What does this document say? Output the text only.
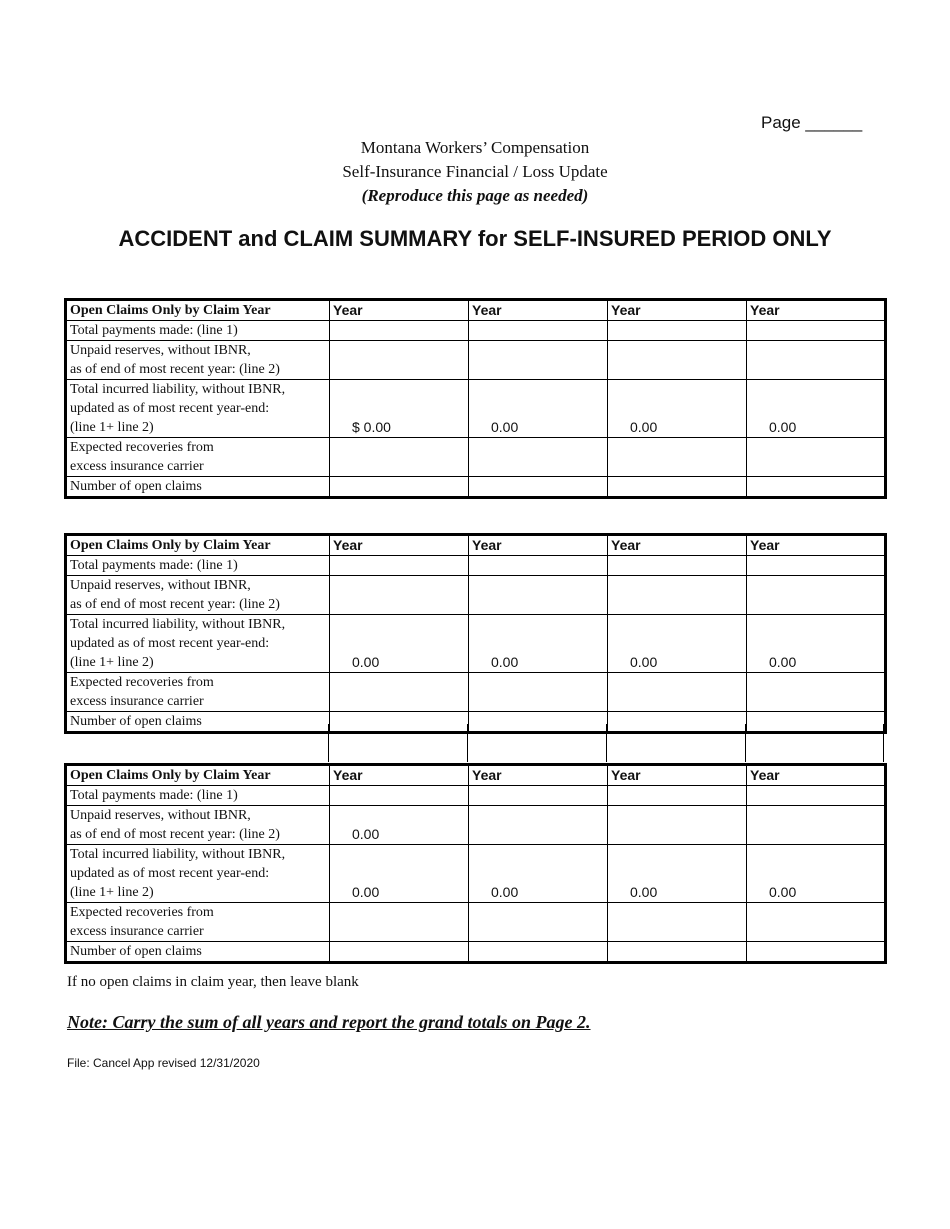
Page ______
Montana Workers’ Compensation
Self-Insurance Financial / Loss Update
(Reproduce this page as needed)
ACCIDENT and CLAIM SUMMARY for SELF-INSURED PERIOD ONLY
Open Claims Only by Claim Year	Year	Year	Year	Year
Total payments made: (line 1)				
Unpaid reserves, without IBNR,
as of end of most recent year: (line 2)				
Total incurred liability, without IBNR,
updated as of most recent year-end:
(line 1+ line 2)	$ 0.00	0.00	0.00	0.00
Expected recoveries from
excess insurance carrier				
Number of open claims				
Open Claims Only by Claim Year	Year	Year	Year	Year
Total payments made: (line 1)				
Unpaid reserves, without IBNR,
as of end of most recent year: (line 2)				
Total incurred liability, without IBNR,
updated as of most recent year-end:
(line 1+ line 2)	0.00	0.00	0.00	0.00
Expected recoveries from
excess insurance carrier				
Number of open claims				
Open Claims Only by Claim Year	Year	Year	Year	Year
Total payments made: (line 1)				
Unpaid reserves, without IBNR,
as of end of most recent year: (line 2)	0.00			
Total incurred liability, without IBNR,
updated as of most recent year-end:
(line 1+ line 2)	0.00	0.00	0.00	0.00
Expected recoveries from
excess insurance carrier				
Number of open claims				
If no open claims in claim year, then leave blank
Note: Carry the sum of all years and report the grand totals on Page 2.
File: Cancel App revised 12/31/2020
